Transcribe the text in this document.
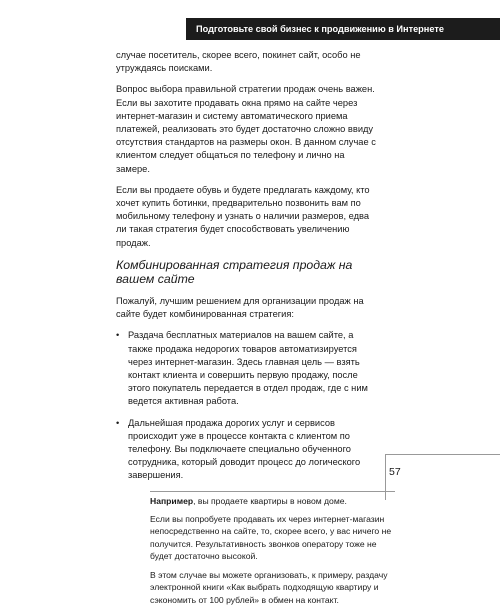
Подготовьте свой бизнес к продвижению в Интернете

случае посетитель, скорее всего, покинет сайт, особо не утруждаясь поисками.

Вопрос выбора правильной стратегии продаж очень важен. Если вы захотите продавать окна прямо на сайте через интернет-магазин и систему автоматического приема платежей, реализовать это будет достаточно сложно ввиду отсутствия стандартов на размеры окон. В данном случае с клиентом следует общаться по телефону и лично на замере.

Если вы продаете обувь и будете предлагать каждому, кто хочет купить ботинки, предварительно позвонить вам по мобильному телефону и узнать о наличии размеров, едва ли такая стратегия будет способствовать увеличению продаж.

Комбинированная стратегия продаж на вашем сайте

Пожалуй, лучшим решением для организации продаж на сайте будет комбинированная стратегия:

• Раздача бесплатных материалов на вашем сайте, а также продажа недорогих товаров автоматизируется через интернет-магазин. Здесь главная цель — взять контакт клиента и совершить первую продажу, после этого покупатель передается в отдел продаж, где с ним ведется активная работа.
• Дальнейшая продажа дорогих услуг и сервисов происходит уже в процессе контакта с клиентом по телефону. Вы подключаете специально обученного сотрудника, который доводит процесс до логического завершения.

Например, вы продаете квартиры в новом доме.

Если вы попробуете продавать их через интернет-магазин непосредственно на сайте, то, скорее всего, у вас ничего не получится. Результативность звонков оператору тоже не будет достаточно высокой.

В этом случае вы можете организовать, к примеру, раздачу электронной книги «Как выбрать подходящую квартиру и сэкономить от 100 рублей» в обмен на контакт.

57
